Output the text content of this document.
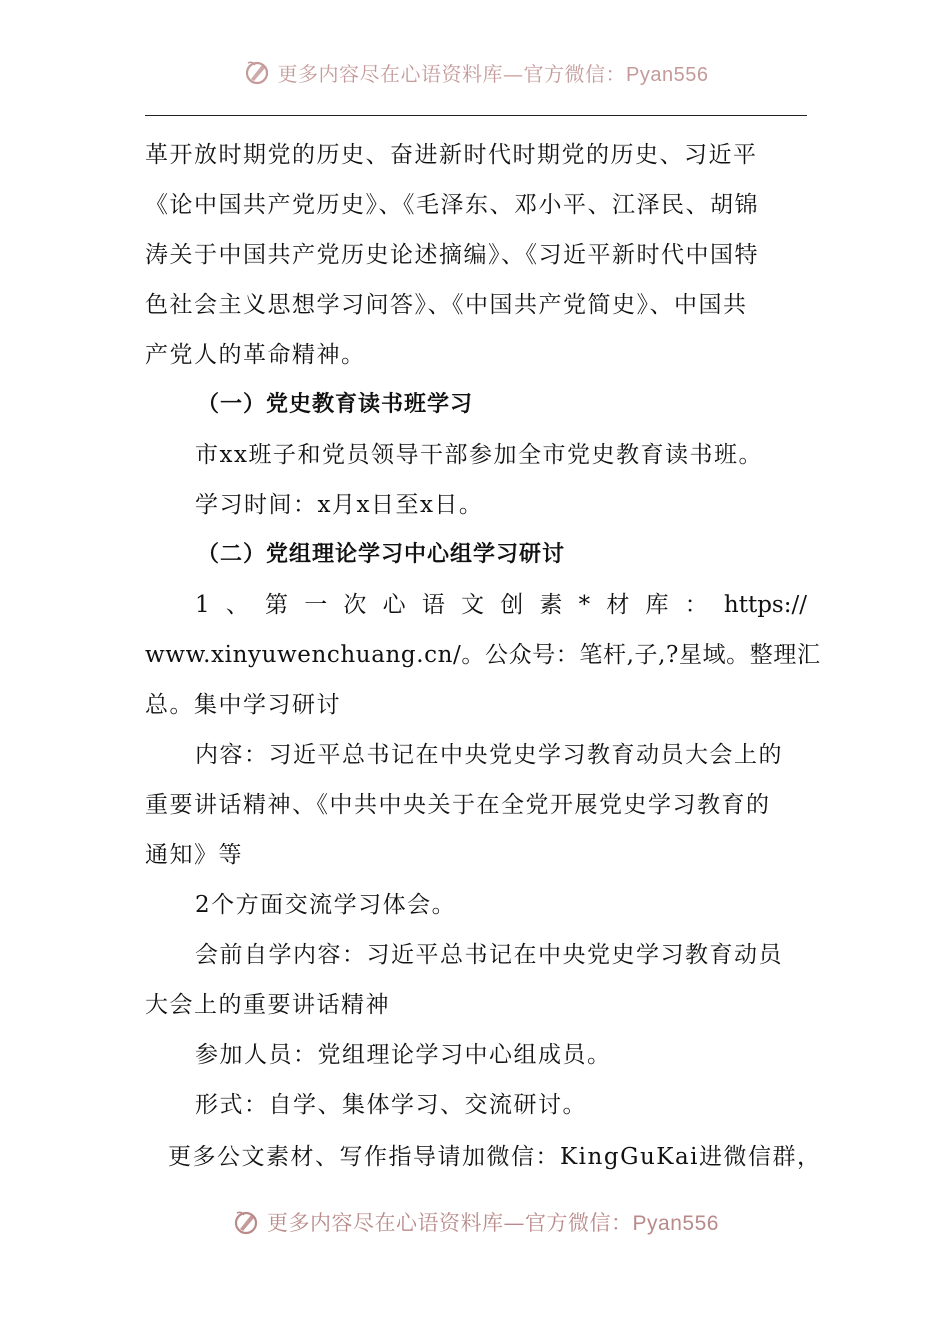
更多内容尽在心语资料库—官方微信：Pyan556
革开放时期党的历史、奋进新时代时期党的历史、习近平
《论中国共产党历史》、《毛泽东、邓小平、江泽民、胡锦
涛关于中国共产党历史论述摘编》、《习近平新时代中国特
色社会主义思想学习问答》、《中国共产党简史》、中国共
产党人的革命精神。
（一）党史教育读书班学习
市xx班子和党员领导干部参加全市党史教育读书班。
学习时间：x月x日至x日。
（二）党组理论学习中心组学习研讨
1、第一次心语文创素*材库：https://
www.xinyuwenchuang.cn/。公众号：笔杆,子,?星域。整理汇
总。集中学习研讨
内容：习近平总书记在中央党史学习教育动员大会上的
重要讲话精神、《中共中央关于在全党开展党史学习教育的
通知》等
2个方面交流学习体会。
会前自学内容：习近平总书记在中央党史学习教育动员
大会上的重要讲话精神
参加人员：党组理论学习中心组成员。
形式：自学、集体学习、交流研讨。
更多公文素材、写作指导请加微信：KingGuKai进微信群，
更多内容尽在心语资料库—官方微信：Pyan556
